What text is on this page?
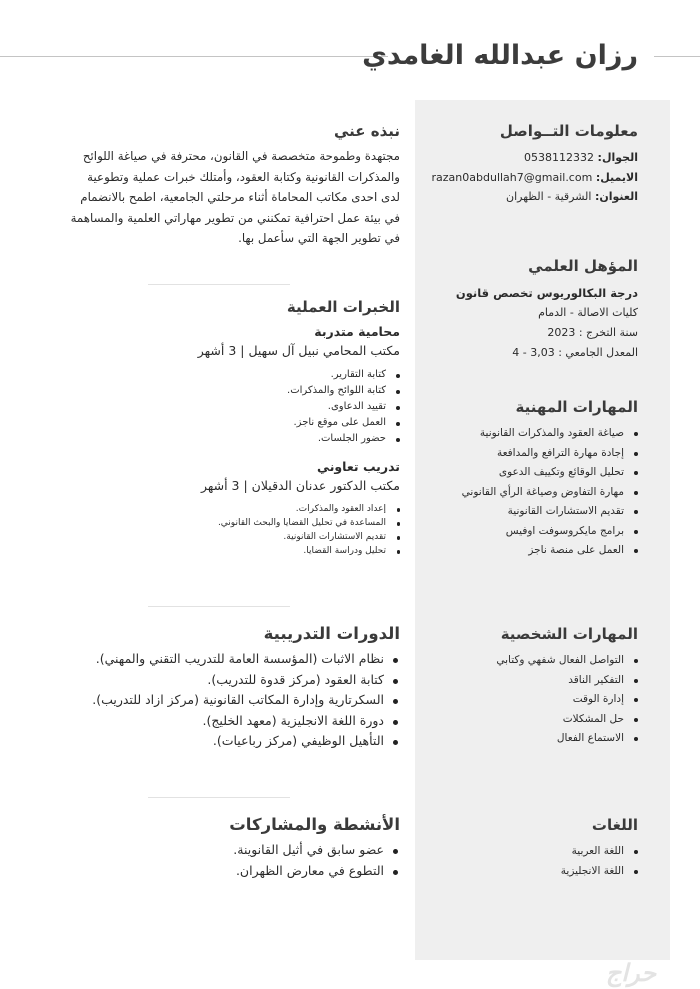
رزان عبدالله الغامدي
معلومات التــواصل
الجوال: 0538112332
الايميل: razan0abdullah7@gmail.com
العنوان: الشرقية - الظهران
المؤهل العلمي
درجة البكالوريوس تخصص قانون
كليات الاصالة - الدمام
سنة التخرج : 2023
المعدل الجامعي : 3,03 - 4
المهارات المهنية
صياغة العقود والمذكرات القانونية
إجادة مهارة الترافع والمدافعة
تحليل الوقائع وتكييف الدعوى
مهارة التفاوض وصياغة الرأي القانوني
تقديم الاستشارات القانونية
برامج مايكروسوفت اوفيس
العمل على منصة ناجز
المهارات الشخصية
التواصل الفعال شفهي وكتابي
التفكير الناقد
إدارة الوقت
حل المشكلات
الاستماع الفعال
اللغات
اللغة العربية
اللغة الانجليزية
نبذه عني
مجتهدة وطموحة متخصصة في القانون، محترفة في صياغة اللوائح والمذكرات القانونية وكتابة العقود، وأمتلك خبرات عملية وتطوعية لدى احدى مكاتب المحاماة أثناء مرحلتي الجامعية، اطمح بالانضمام في بيئة عمل احترافية تمكنني من تطوير مهاراتي العلمية والمساهمة في تطوير الجهة التي سأعمل بها.
الخبرات العملية
محامية متدربة
مكتب المحامي نبيل آل سهيل | 3 أشهر
كتابة التقارير.
كتابة اللوائح والمذكرات.
تقييد الدعاوى.
العمل على موقع ناجز.
حضور الجلسات.
تدريب تعاوني
مكتب الدكتور عدنان الدقيلان | 3 أشهر
إعداد العقود والمذكرات.
المساعدة في تحليل القضايا والبحث القانوني.
تقديم الاستشارات القانونية.
تحليل ودراسة القضايا.
الدورات التدريبية
نظام الاثبات (المؤسسة العامة للتدريب التقني والمهني).
كتابة العقود (مركز قدوة للتدريب).
السكرتارية وإدارة المكاتب القانونية (مركز ازاد للتدريب).
دورة اللغة الانجليزية (معهد الخليج).
التأهيل الوظيفي (مركز رباعيات).
الأنشطة والمشاركات
عضو سابق في أثيل القانوينة.
التطوع في معارض الظهران.
حراج
